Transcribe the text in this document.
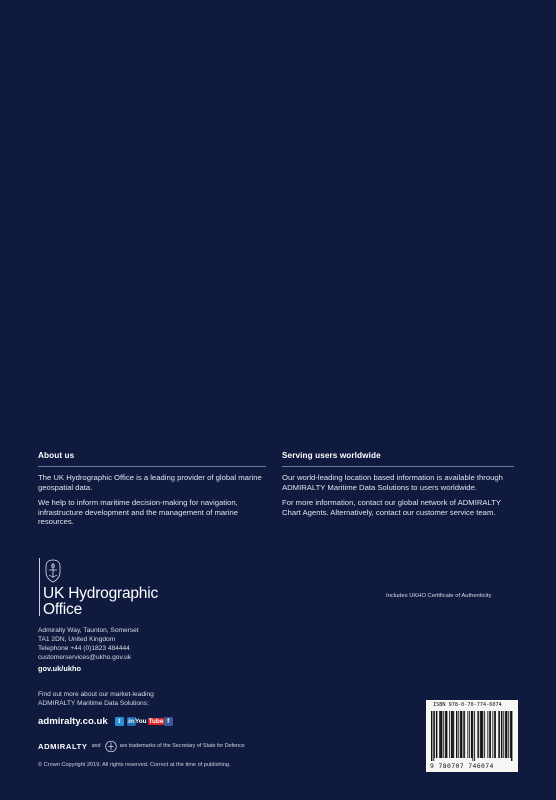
About us

The UK Hydrographic Office is a leading provider of global marine geospatial data.

We help to inform maritime decision-making for navigation, infrastructure development and the management of marine resources.

Serving users worldwide

Our world-leading location based information is available through ADMIRALTY Maritime Data Solutions to users worldwide.

For more information, contact our global network of ADMIRALTY Chart Agents. Alternatively, contact our customer service team.

UK Hydrographic
Office
Admiralty Way, Taunton, Somerset
TA1 2DN, United Kingdom
Telephone +44 (0)1823 484444
customerservices@ukho.gov.uk
gov.uk/ukho
Find out more about our market-leading
ADMIRALTY Maritime Data Solutions:
admiralty.co.uk	t	in You Tube f
ADMIRALTY and	are trademarks of the Secretary of State for Defence
© Crown Copyright 2019. All rights reserved. Correct at the time of publishing.
Includes UKHO Certificate of Authenticity
ISBN 978-0-70-774-6074
9 780707 746074
